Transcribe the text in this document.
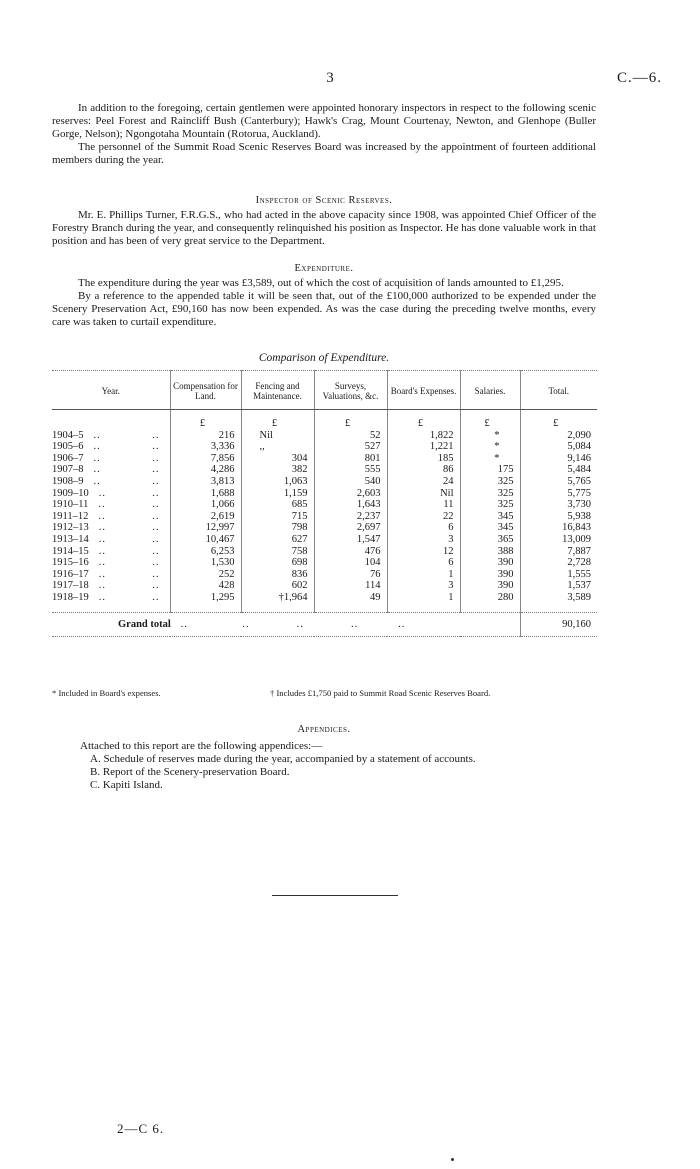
3	C.—6.

In addition to the foregoing, certain gentlemen were appointed honorary inspectors in respect to the following scenic reserves: Peel Forest and Raincliff Bush (Canterbury); Hawk's Crag, Mount Courtenay, Newton, and Glenhope (Buller Gorge, Nelson); Ngongotaha Mountain (Rotorua, Auckland).

The personnel of the Summit Road Scenic Reserves Board was increased by the appointment of fourteen additional members during the year.

Inspector of Scenic Reserves.

Mr. E. Phillips Turner, F.R.G.S., who had acted in the above capacity since 1908, was appointed Chief Officer of the Forestry Branch during the year, and consequently relinquished his position as Inspector. He has done valuable work in that position and has been of very great service to the Department.

Expenditure.

The expenditure during the year was £3,589, out of which the cost of acquisition of lands amounted to £1,295.

By a reference to the appended table it will be seen that, out of the £100,000 authorized to be expended under the Scenery Preservation Act, £90,160 has now been expended. As was the case during the preceding twelve months, every care was taken to curtail expenditure.

Comparison of Expenditure.
Year.	Compensation for Land.	Fencing and Maintenance.	Surveys, Valuations, &c.	Board's Expenses.	Salaries.	Total.
	£	£	£	£	£	£
1904–5 .. ..	216	Nil	52	1,822	*	2,090
1905–6 .. ..	3,336	,,	527	1,221	*	5,084
1906–7 .. ..	7,856	304	801	185	*	9,146
1907–8 .. ..	4,286	382	555	86	175	5,484
1908–9 .. ..	3,813	1,063	540	24	325	5,765
1909–10 .. ..	1,688	1,159	2,603	Nil	325	5,775
1910–11 .. ..	1,066	685	1,643	11	325	3,730
1911–12 .. ..	2,619	715	2,237	22	345	5,938
1912–13 .. ..	12,997	798	2,697	6	345	16,843
1913–14 .. ..	10,467	627	1,547	3	365	13,009
1914–15 .. ..	6,253	758	476	12	388	7,887
1915–16 .. ..	1,530	698	104	6	390	2,728
1916–17 .. ..	252	836	76	1	390	1,555
1917–18 .. ..	428	602	114	3	390	1,537
1918–19 .. ..	1,295	†1,964	49	1	280	3,589
Grand total   ..               ..             ..             ..           ..						90,160
* Included in Board's expenses.	† Includes £1,750 paid to Summit Road Scenic Reserves Board.
Appendices.
Attached to this report are the following appendices:—
A. Schedule of reserves made during the year, accompanied by a statement of accounts.
B. Report of the Scenery-preservation Board.
C. Kapiti Island.
2—C 6.
